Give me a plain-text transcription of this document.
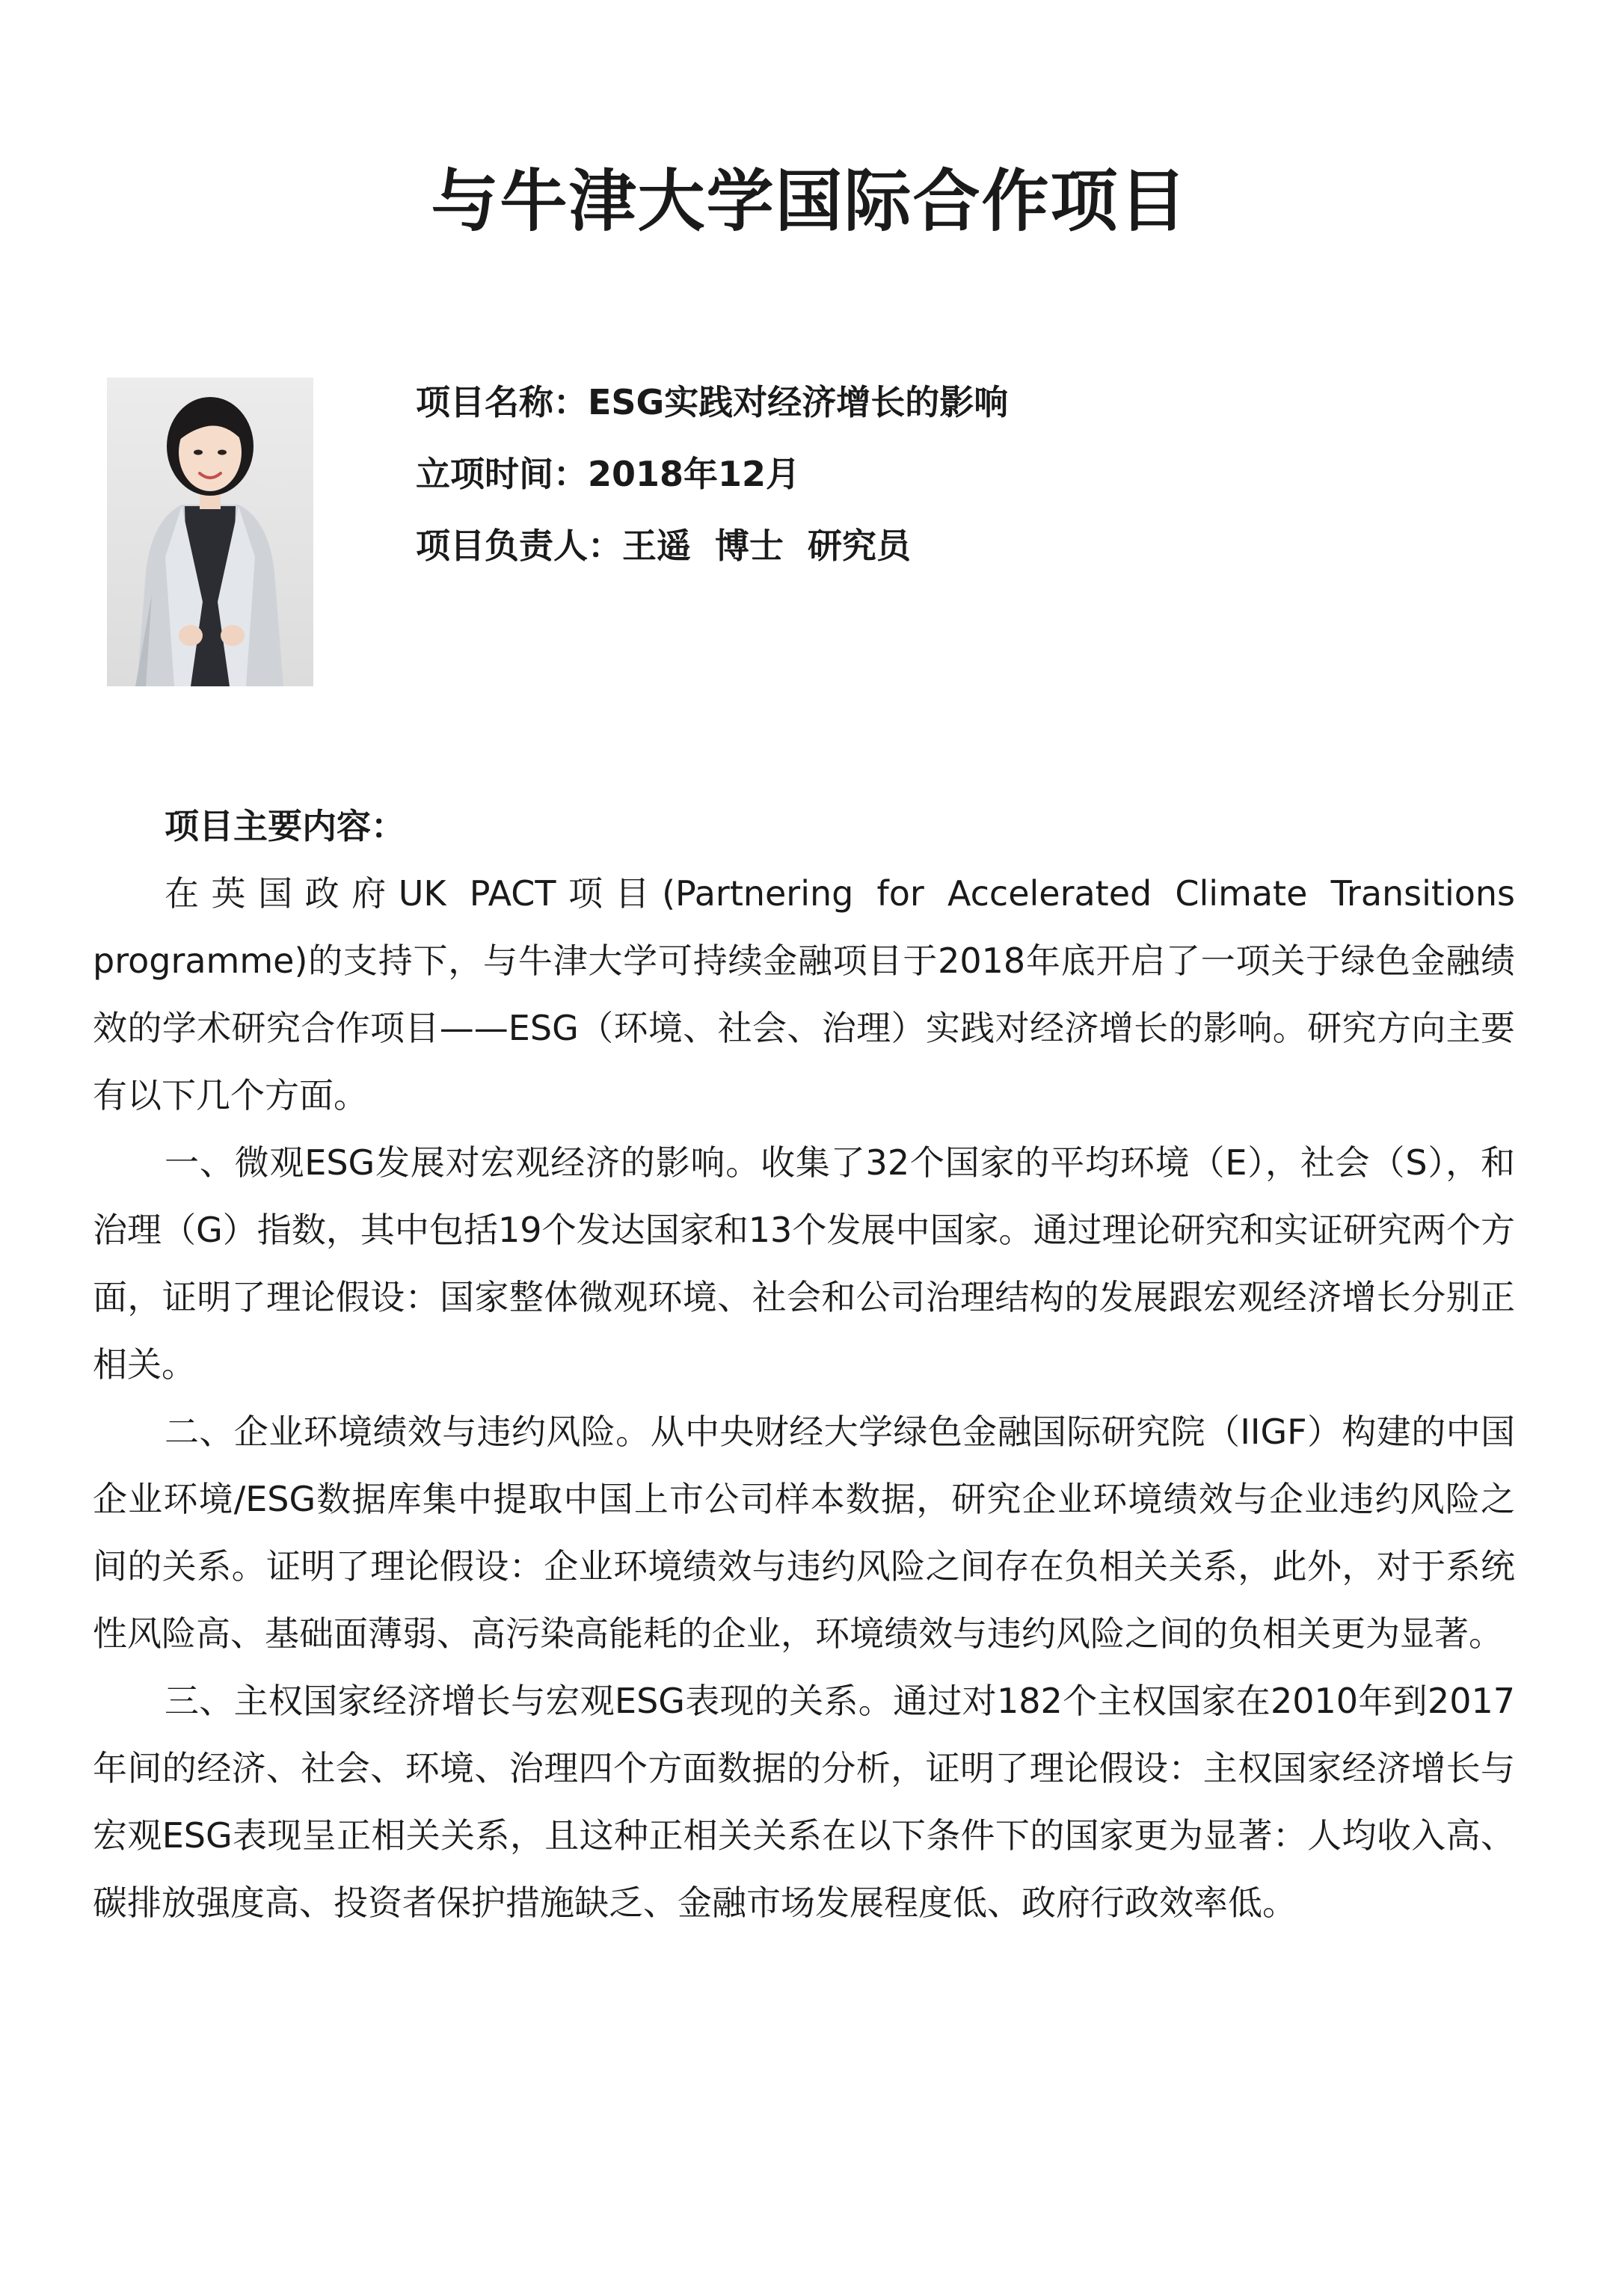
与牛津大学国际合作项目
项目名称：ESG实践对经济增长的影响
立项时间：2018年12月
项目负责人：王遥  博士  研究员

项目主要内容：

在英国政府UK PACT项目(Partnering for Accelerated Climate Transitions programme)的支持下，与牛津大学可持续金融项目于2018年底开启了一项关于绿色金融绩效的学术研究合作项目——ESG（环境、社会、治理）实践对经济增长的影响。研究方向主要有以下几个方面。

一、微观ESG发展对宏观经济的影响。收集了32个国家的平均环境（E），社会（S），和治理（G）指数，其中包括19个发达国家和13个发展中国家。通过理论研究和实证研究两个方面，证明了理论假设：国家整体微观环境、社会和公司治理结构的发展跟宏观经济增长分别正相关。

二、企业环境绩效与违约风险。从中央财经大学绿色金融国际研究院（IIGF）构建的中国企业环境/ESG数据库集中提取中国上市公司样本数据，研究企业环境绩效与企业违约风险之间的关系。证明了理论假设：企业环境绩效与违约风险之间存在负相关关系，此外，对于系统性风险高、基础面薄弱、高污染高能耗的企业，环境绩效与违约风险之间的负相关更为显著。

三、主权国家经济增长与宏观ESG表现的关系。通过对182个主权国家在2010年到2017年间的经济、社会、环境、治理四个方面数据的分析，证明了理论假设：主权国家经济增长与宏观ESG表现呈正相关关系，且这种正相关关系在以下条件下的国家更为显著：人均收入高、碳排放强度高、投资者保护措施缺乏、金融市场发展程度低、政府行政效率低。
